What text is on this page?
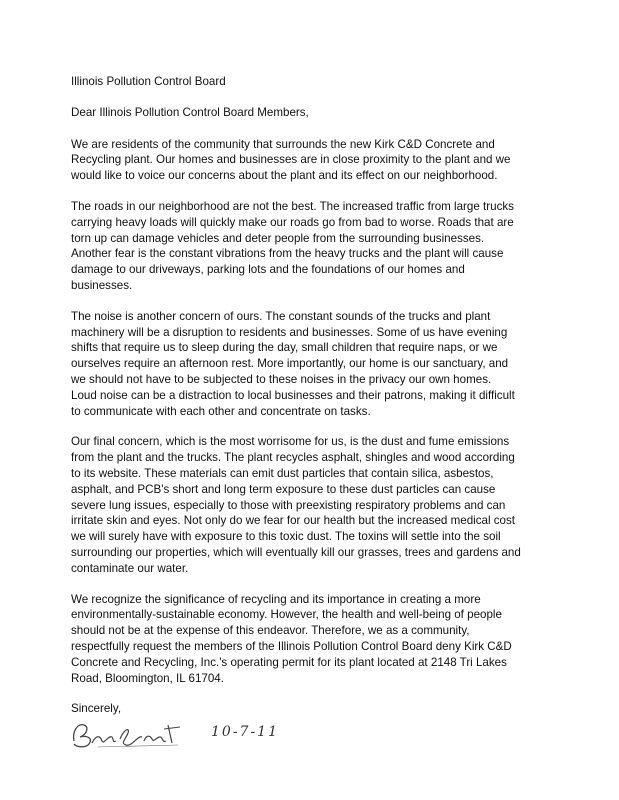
Illinois Pollution Control Board
Dear Illinois Pollution Control Board Members,
We are residents of the community that surrounds the new Kirk C&D Concrete and
Recycling plant. Our homes and businesses are in close proximity to the plant and we
would like to voice our concerns about the plant and its effect on our neighborhood.
The roads in our neighborhood are not the best. The increased traffic from large trucks
carrying heavy loads will quickly make our roads go from bad to worse. Roads that are
torn up can damage vehicles and deter people from the surrounding businesses.
Another fear is the constant vibrations from the heavy trucks and the plant will cause
damage to our driveways, parking lots and the foundations of our homes and
businesses.
The noise is another concern of ours. The constant sounds of the trucks and plant
machinery will be a disruption to residents and businesses. Some of us have evening
shifts that require us to sleep during the day, small children that require naps, or we
ourselves require an afternoon rest. More importantly, our home is our sanctuary, and
we should not have to be subjected to these noises in the privacy our own homes.
Loud noise can be a distraction to local businesses and their patrons, making it difficult
to communicate with each other and concentrate on tasks.
Our final concern, which is the most worrisome for us, is the dust and fume emissions
from the plant and the trucks. The plant recycles asphalt, shingles and wood according
to its website. These materials can emit dust particles that contain silica, asbestos,
asphalt, and PCB's short and long term exposure to these dust particles can cause
severe lung issues, especially to those with preexisting respiratory problems and can
irritate skin and eyes. Not only do we fear for our health but the increased medical cost
we will surely have with exposure to this toxic dust. The toxins will settle into the soil
surrounding our properties, which will eventually kill our grasses, trees and gardens and
contaminate our water.
We recognize the significance of recycling and its importance in creating a more
environmentally-sustainable economy. However, the health and well-being of people
should not be at the expense of this endeavor. Therefore, we as a community,
respectfully request the members of the Illinois Pollution Control Board deny Kirk C&D
Concrete and Recycling, Inc.'s operating permit for its plant located at 2148 Tri Lakes
Road, Bloomington, IL 61704.
Sincerely,
10-7-11
